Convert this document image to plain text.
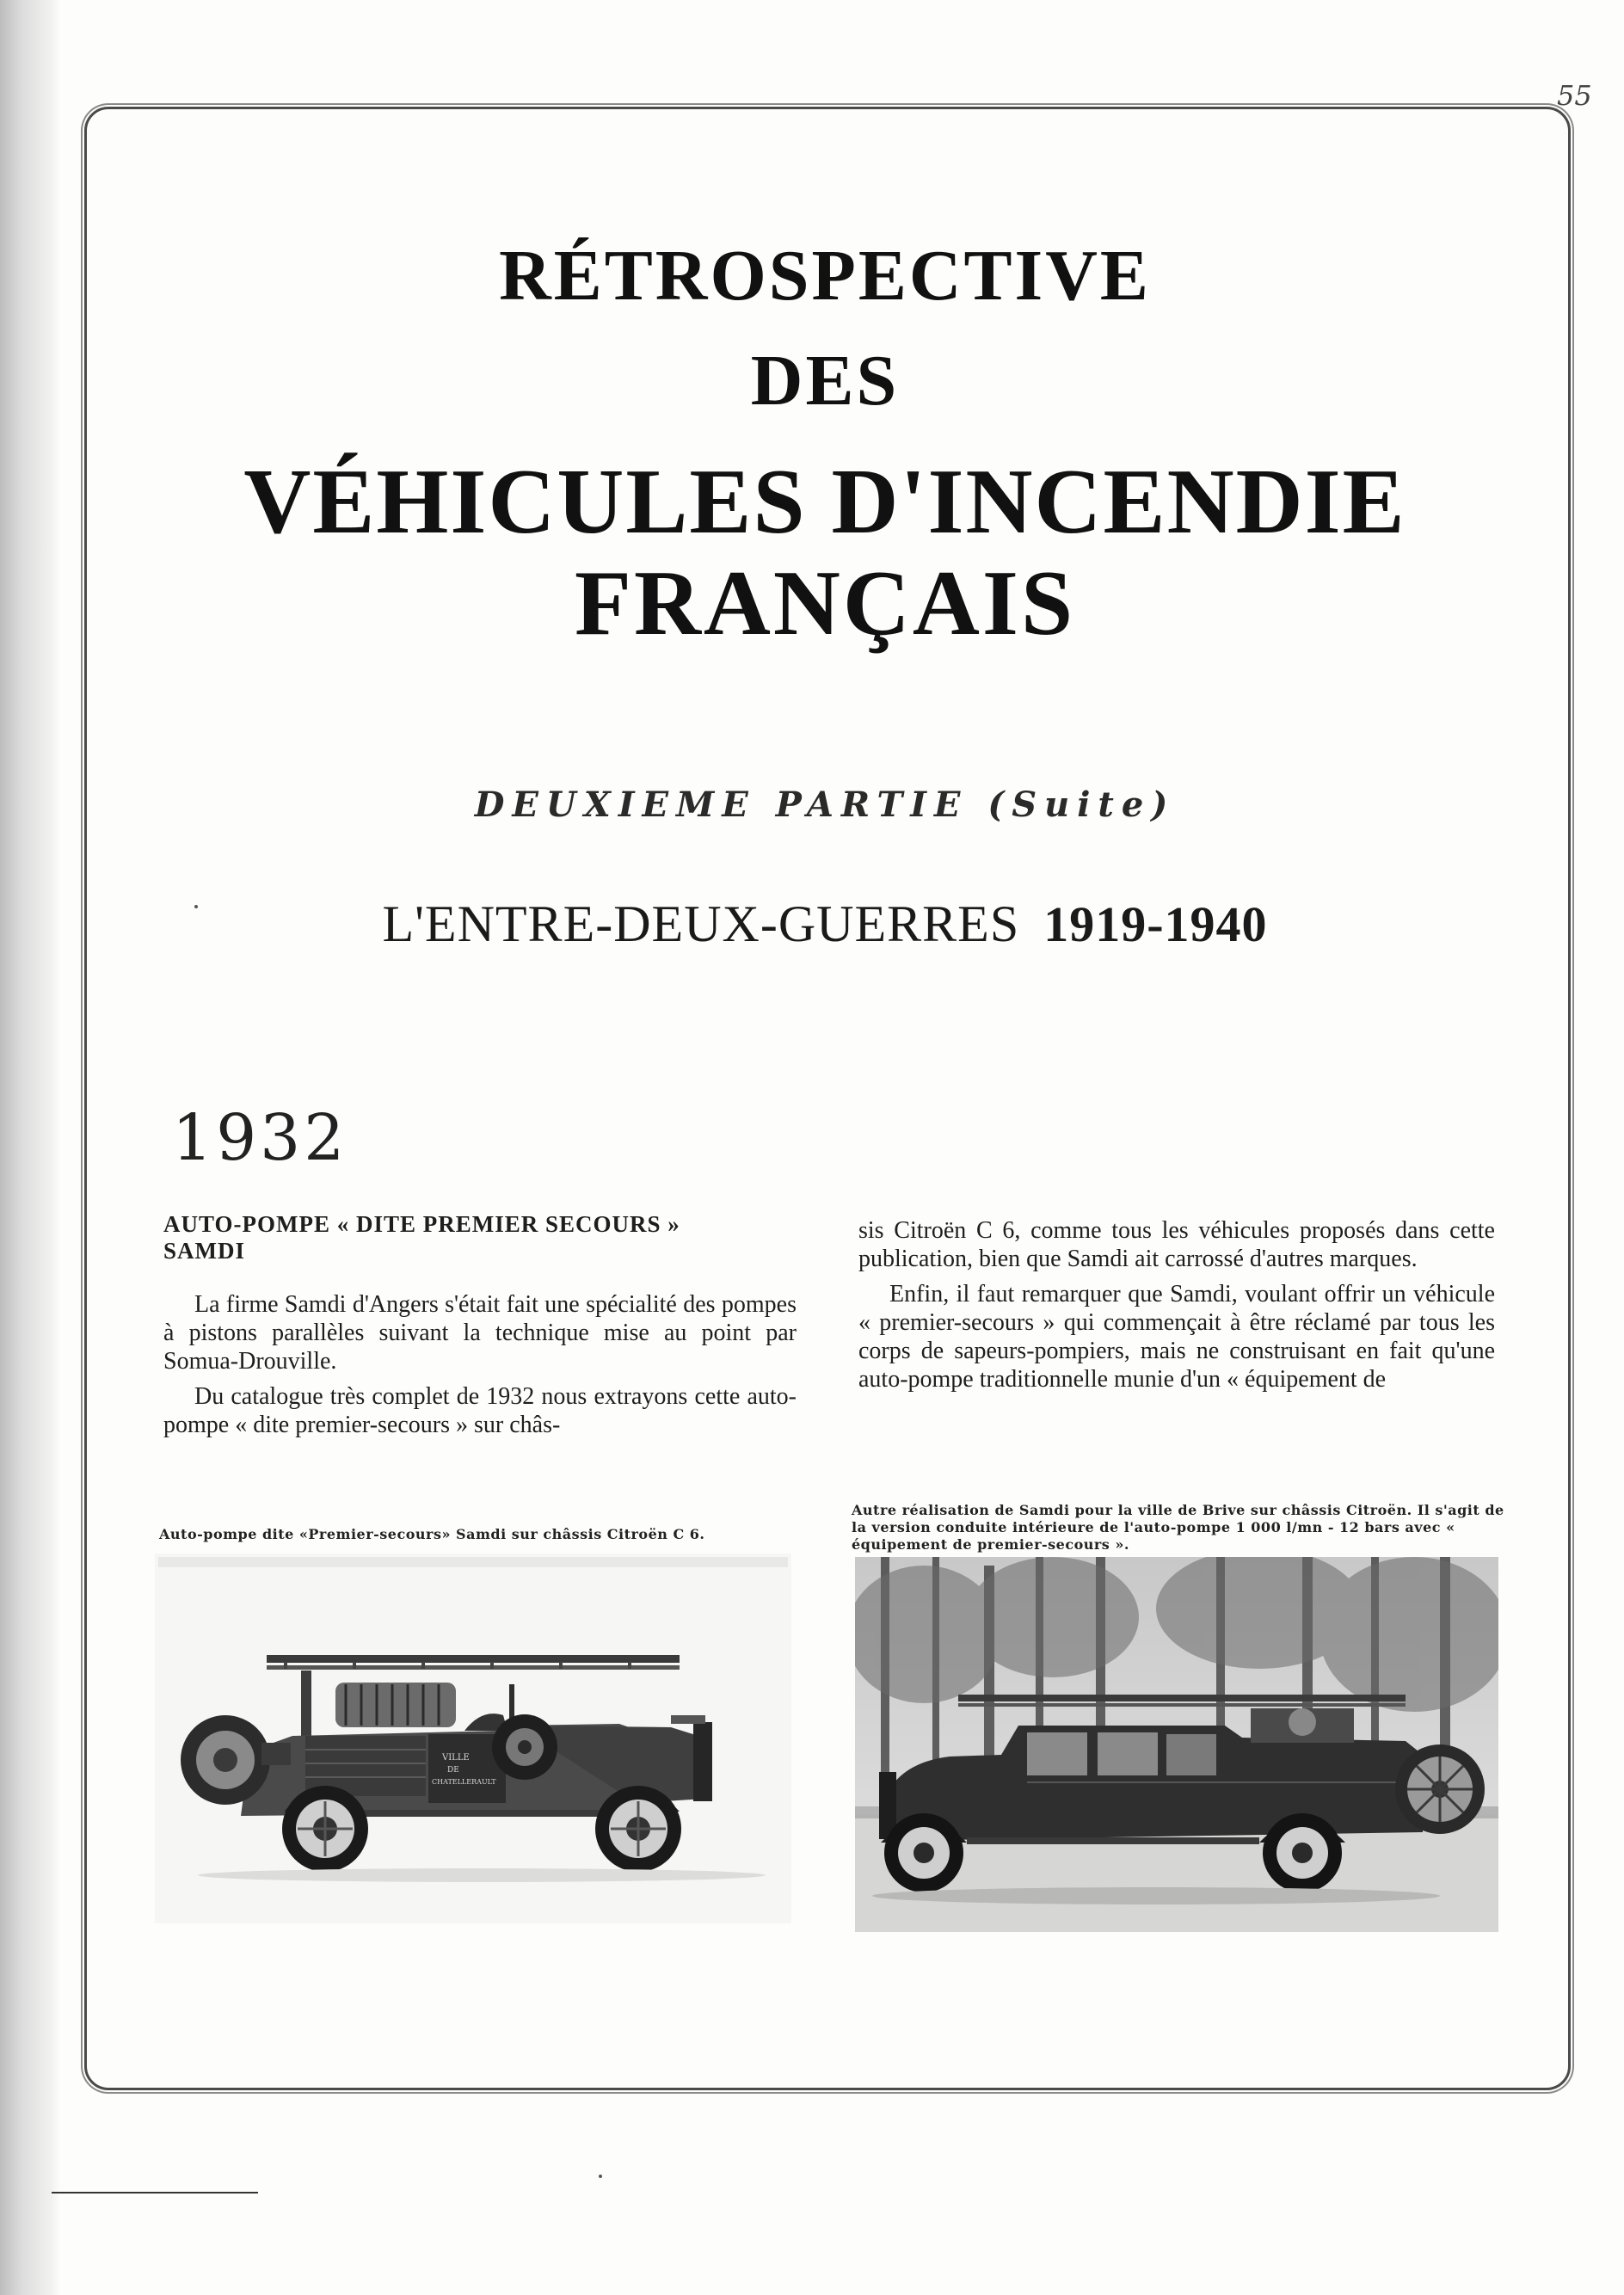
55
RÉTROSPECTIVE
DES
VÉHICULES D'INCENDIE
FRANÇAIS
DEUXIEME PARTIE (Suite)
L'ENTRE-DEUX-GUERRES 1919-1940
1932
AUTO-POMPE « DITE PREMIER SECOURS »
SAMDI

La firme Samdi d'Angers s'était fait une spécialité des pompes à pistons parallèles suivant la technique mise au point par Somua-Drouville.

Du catalogue très complet de 1932 nous extrayons cette auto-pompe « dite premier-secours » sur châs-

sis Citroën C 6, comme tous les véhicules proposés dans cette publication, bien que Samdi ait carrossé d'autres marques.

Enfin, il faut remarquer que Samdi, voulant offrir un véhicule « premier-secours » qui commençait à être réclamé par tous les corps de sapeurs-pompiers, mais ne construisant en fait qu'une auto-pompe traditionnelle munie d'un « équipement de

Auto-pompe dite «Premier-secours» Samdi sur châssis Citroën C 6.
Autre réalisation de Samdi pour la ville de Brive sur châssis Citroën. Il s'agit de la version conduite intérieure de l'auto-pompe 1 000 l/mn - 12 bars avec « équipement de premier-secours ».
VILLE
DE
CHATELLERAULT
